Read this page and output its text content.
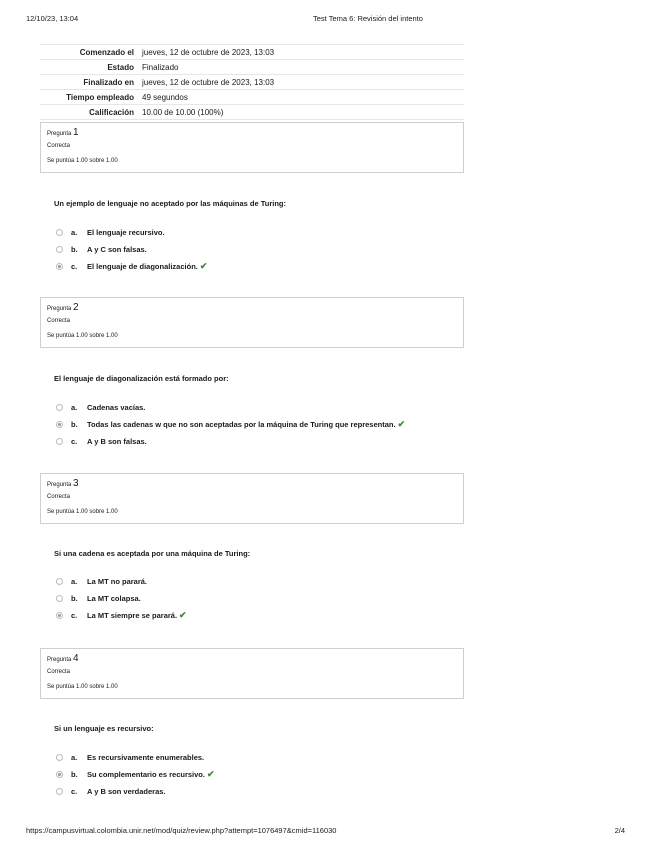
12/10/23, 13:04	Test Tema 6: Revisión del intento
Comenzado el	jueves, 12 de octubre de 2023, 13:03
Estado	Finalizado
Finalizado en	jueves, 12 de octubre de 2023, 13:03
Tiempo empleado	49 segundos
Calificación	10.00 de 10.00 (100%)
Pregunta 1
Correcta
Se puntúa 1.00 sobre 1.00
Un ejemplo de lenguaje no aceptado por las máquinas de Turing:
a.	El lenguaje recursivo.
b.	A y C son falsas.
c.	El lenguaje de diagonalización. ✔
Pregunta 2
Correcta
Se puntúa 1.00 sobre 1.00
El lenguaje de diagonalización está formado por:
a.	Cadenas vacías.
b.	Todas las cadenas w que no son aceptadas por la máquina de Turing que representan. ✔
c.	A y B son falsas.
Pregunta 3
Correcta
Se puntúa 1.00 sobre 1.00
Si una cadena es aceptada por una máquina de Turing:
a.	La MT no parará.
b.	La MT colapsa.
c.	La MT siempre se parará. ✔
Pregunta 4
Correcta
Se puntúa 1.00 sobre 1.00
Si un lenguaje es recursivo:
a.	Es recursivamente enumerables.
b.	Su complementario es recursivo. ✔
c.	A y B son verdaderas.
https://campusvirtual.colombia.unir.net/mod/quiz/review.php?attempt=1076497&cmid=116030	2/4
